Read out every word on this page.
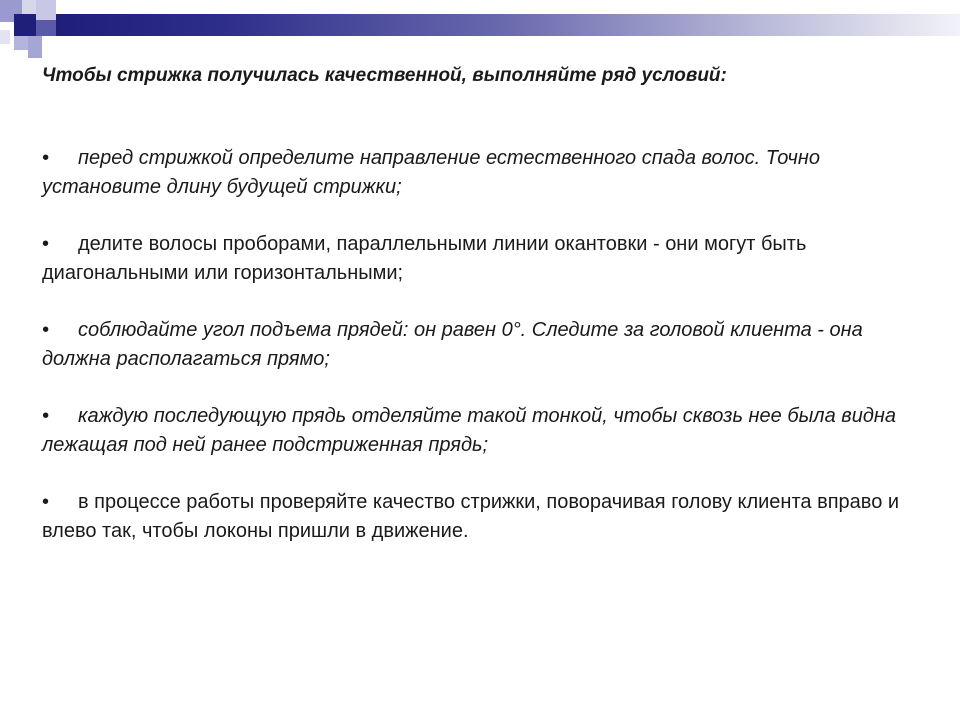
Чтобы стрижка получилась качественной, выполняйте ряд условий:

• перед стрижкой определите направление естественного спада волос. Точно установите длину будущей стрижки;

• делите волосы проборами, параллельными линии окантовки - они могут быть диагональными или горизонтальными;

• соблюдайте угол подъема прядей: он равен 0°. Следите за головой клиента - она должна располагаться прямо;

• каждую последующую прядь отделяйте такой тонкой, чтобы сквозь нее была видна лежащая под ней ранее подстриженная прядь;

• в процессе работы проверяйте качество стрижки, поворачивая голову клиента вправо и влево так, чтобы локоны пришли в движение.
